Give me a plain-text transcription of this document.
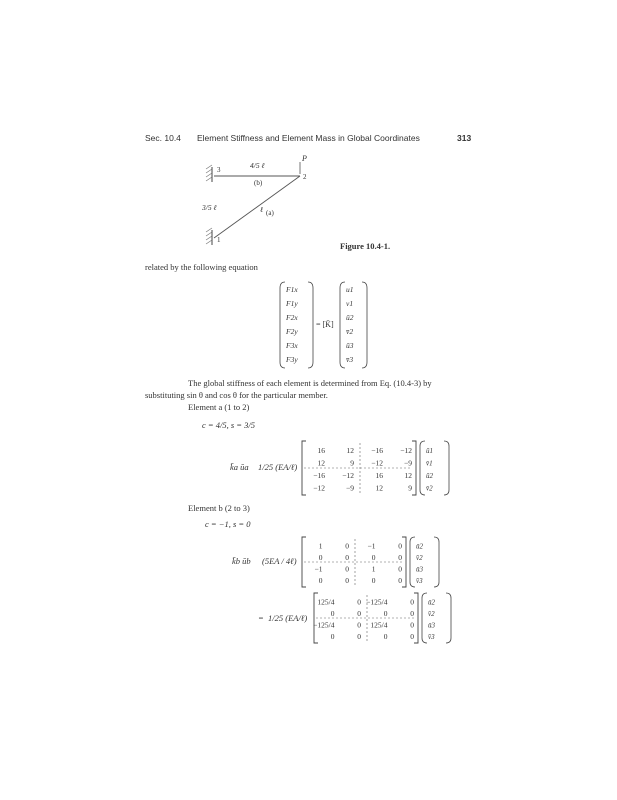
Sec. 10.4 Element Stiffness and Element Mass in Global Coordinates	313
P
4/5 ℓ
(b)
3/5 ℓ	ℓ (a)
3
2
1
Figure 10.4-1.
related by the following equation
F1x
F1y
F2x
F2y
F3x
F3y
= [K̄]
u1
v1
ū2
v̄2
ū3
v̄3
The global stiffness of each element is determined from Eq. (10.4-3) by
substituting sin θ and cos θ for the particular member.
Element a (1 to 2)
c = 4/5, s = 3/5
k̄a ūa 1/25 (EA/ℓ)
16	12 −16 −12
12	9 −12	−9
−16 −12	16	12
−12	−9	12	9
ū1
v̄1
ū2
v̄2
Element b (2 to 3)
c = −1, s = 0
k̄b ūb (5EA / 4ℓ)
1	0 −1	0
0	0	0	0
−1	0	1	0
0	0	0	0
ū2
v̄2
ū3
v̄3
= 1/25 (EA/ℓ)
125/4	0 −125/4	0
0	0	0	0
−125/4	0 125/4	0
0	0	0	0
ū2
v̄2
ū3
v̄3
